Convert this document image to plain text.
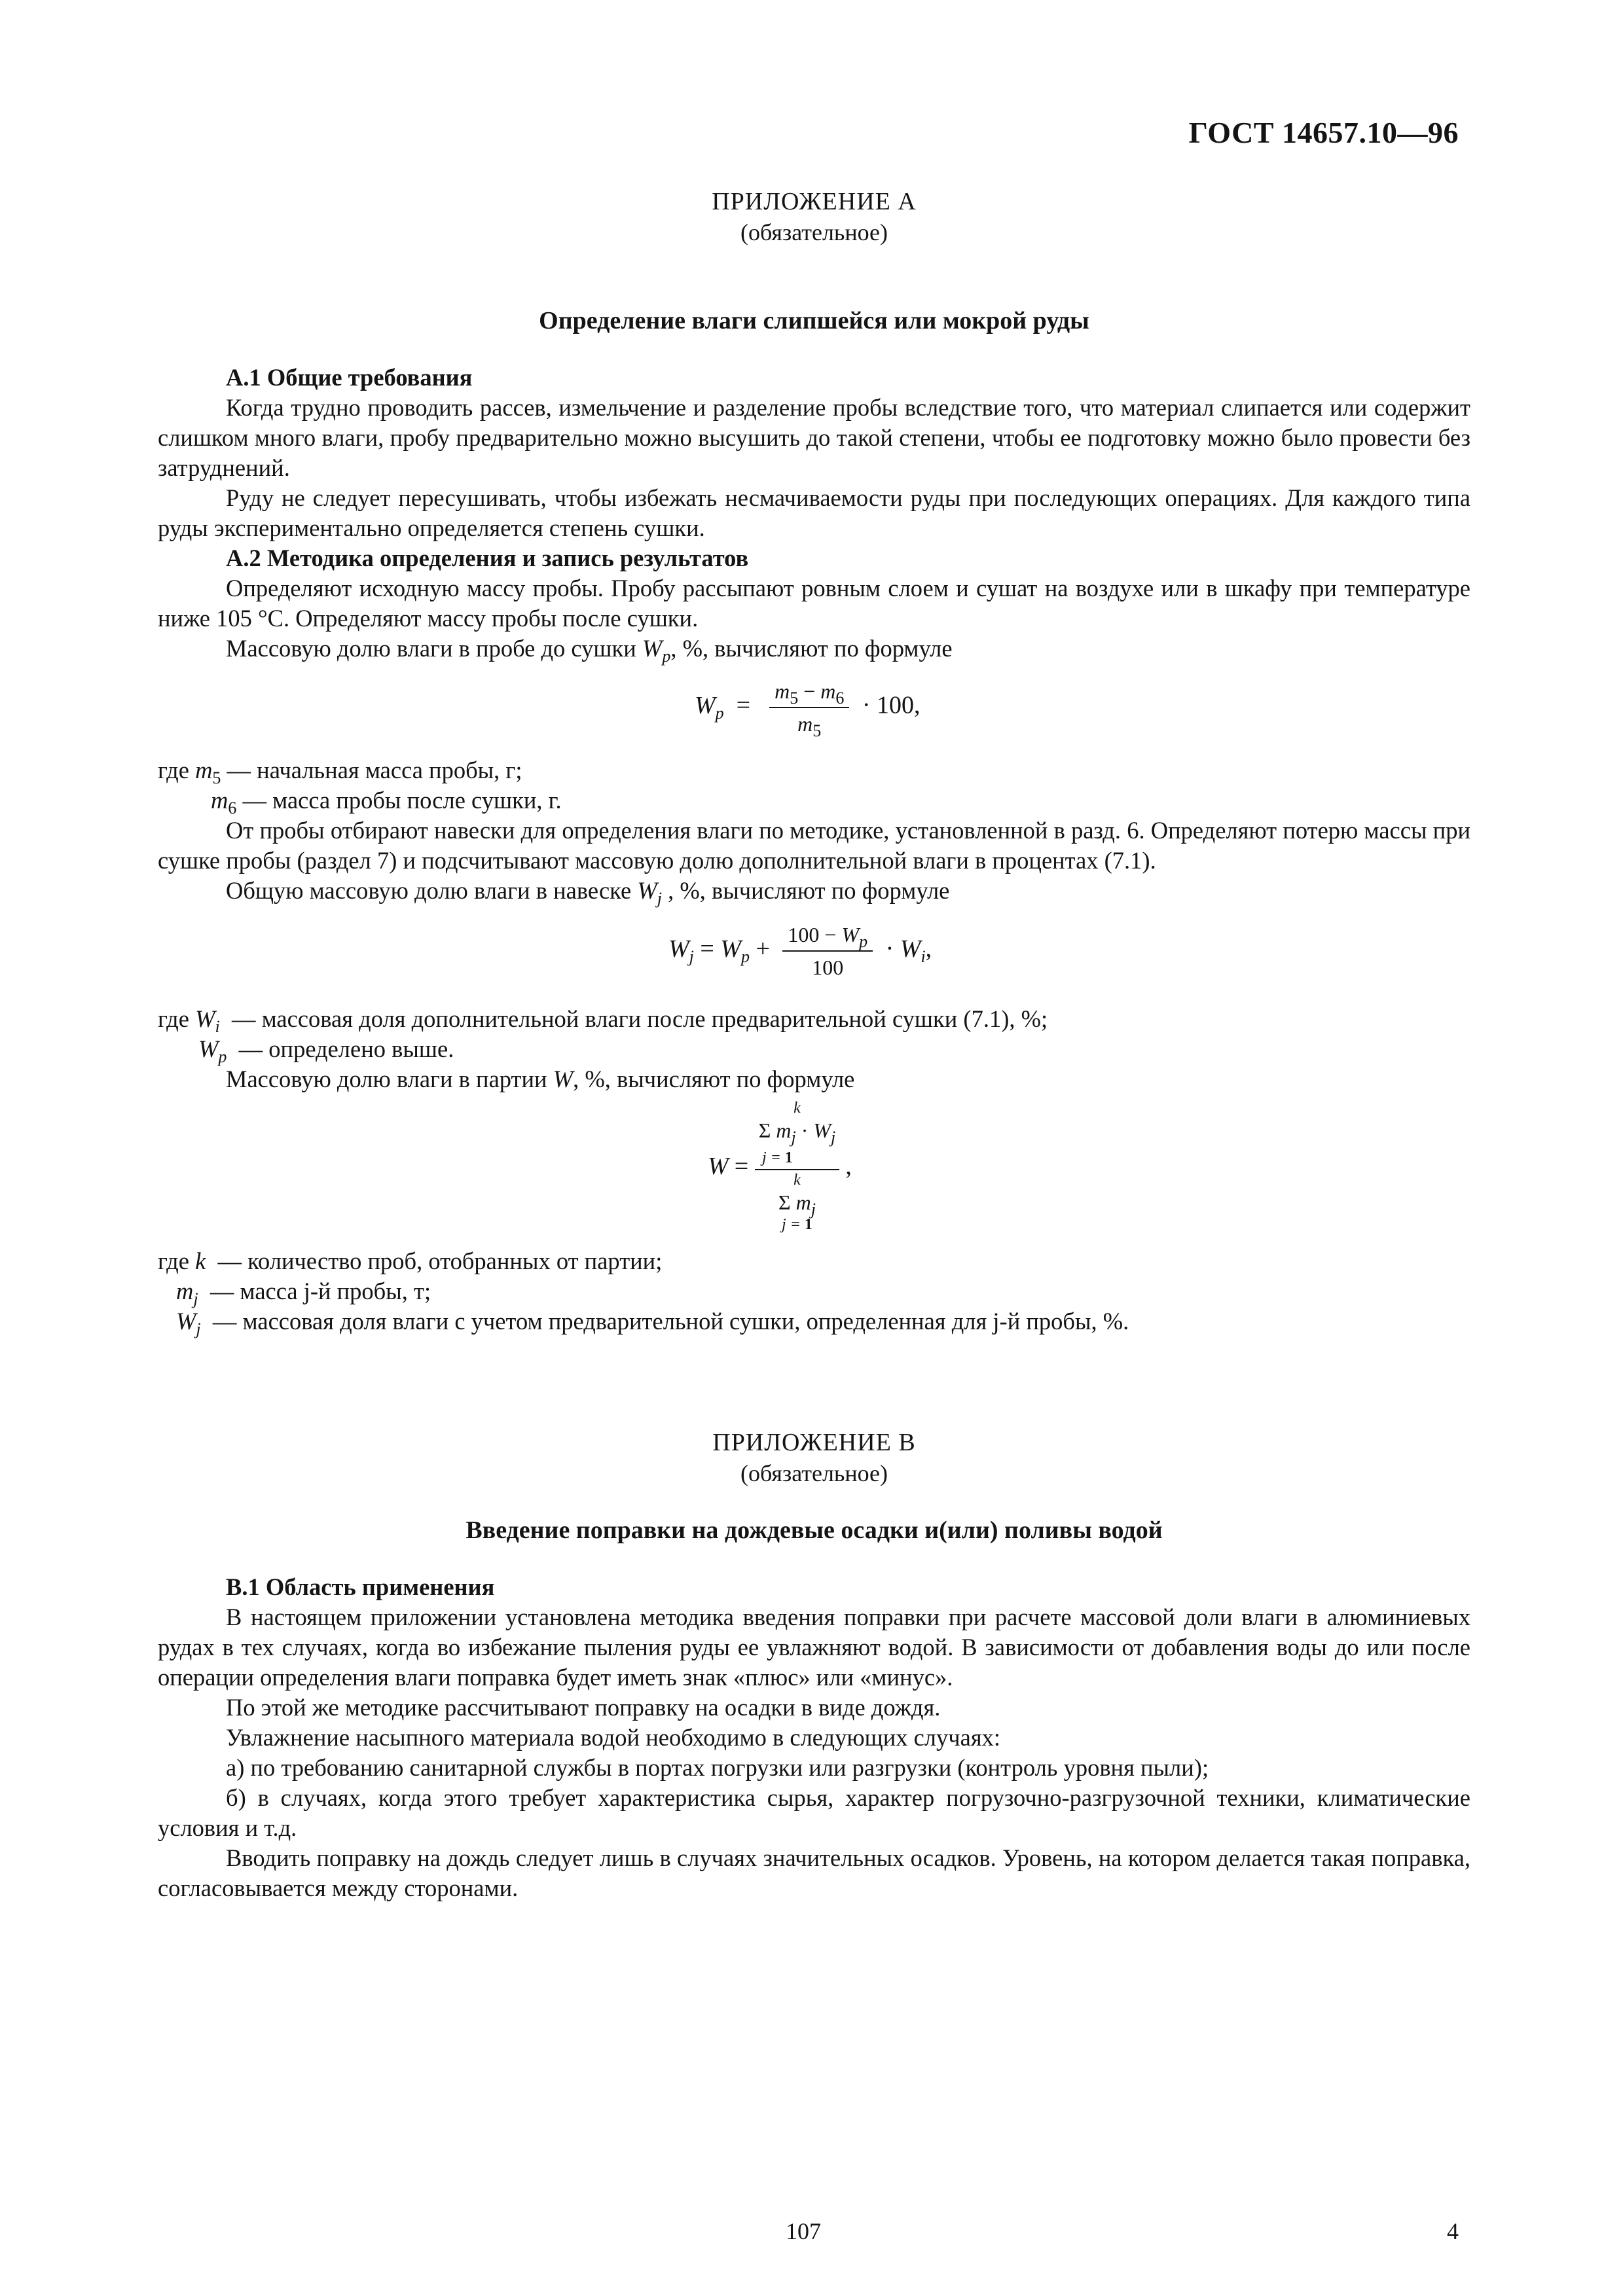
ГОСТ 14657.10—96
ПРИЛОЖЕНИЕ А
(обязательное)
Определение влаги слипшейся или мокрой руды
А.1 Общие требования

Когда трудно проводить рассев, измельчение и разделение пробы вследствие того, что материал слипается или содержит слишком много влаги, пробу предварительно можно высушить до такой степени, чтобы ее подготовку можно было провести без затруднений.

Руду не следует пересушивать, чтобы избежать несмачиваемости руды при последующих операциях. Для каждого типа руды экспериментально определяется степень сушки.

А.2 Методика определения и запись результатов

Определяют исходную массу пробы. Пробу рассыпают ровным слоем и сушат на воздухе или в шкафу при температуре ниже 105 °С. Определяют массу пробы после сушки.

Массовую долю влаги в пробе до сушки $W_p$, %, вычисляют по формуле

$W_p = \frac{m_5 - m_6}{m_5} \cdot 100$,

где $m_5$ — начальная масса пробы, г;

$m_6$ — масса пробы после сушки, г.

От пробы отбирают навески для определения влаги по методике, установленной в разд. 6. Определяют потерю массы при сушке пробы (раздел 7) и подсчитывают массовую долю дополнительной влаги в процентах (7.1).

Общую массовую долю влаги в навеске $W_j$ , %, вычисляют по формуле

$W_j = W_p + \frac{100 - W_p}{100} \cdot W_i$,

где $W_i$  — массовая доля дополнительной влаги после предварительной сушки (7.1), %;

$W_p$  — определено выше.

Массовую долю влаги в партии W, %, вычисляют по формуле

W =
k
Σ $m_j \cdot W_j$
j = 1
k
Σ $m_j$
j = 1
,

где k  — количество проб, отобранных от партии;

$m_j$  — масса j-й пробы, т;

$W_j$  — массовая доля влаги с учетом предварительной сушки, определенная для j-й пробы, %.

ПРИЛОЖЕНИЕ В
(обязательное)
Введение поправки на дождевые осадки и(или) поливы водой
В.1 Область применения

В настоящем приложении установлена методика введения поправки при расчете массовой доли влаги в алюминиевых рудах в тех случаях, когда во избежание пыления руды ее увлажняют водой. В зависимости от добавления воды до или после операции определения влаги поправка будет иметь знак «плюс» или «минус».

По этой же методике рассчитывают поправку на осадки в виде дождя.

Увлажнение насыпного материала водой необходимо в следующих случаях:

а) по требованию санитарной службы в портах погрузки или разгрузки (контроль уровня пыли);

б) в случаях, когда этого требует характеристика сырья, характер погрузочно-разгрузочной техники, климатические условия и т.д.

Вводить поправку на дождь следует лишь в случаях значительных осадков. Уровень, на котором делается такая поправка, согласовывается между сторонами.

107	4
